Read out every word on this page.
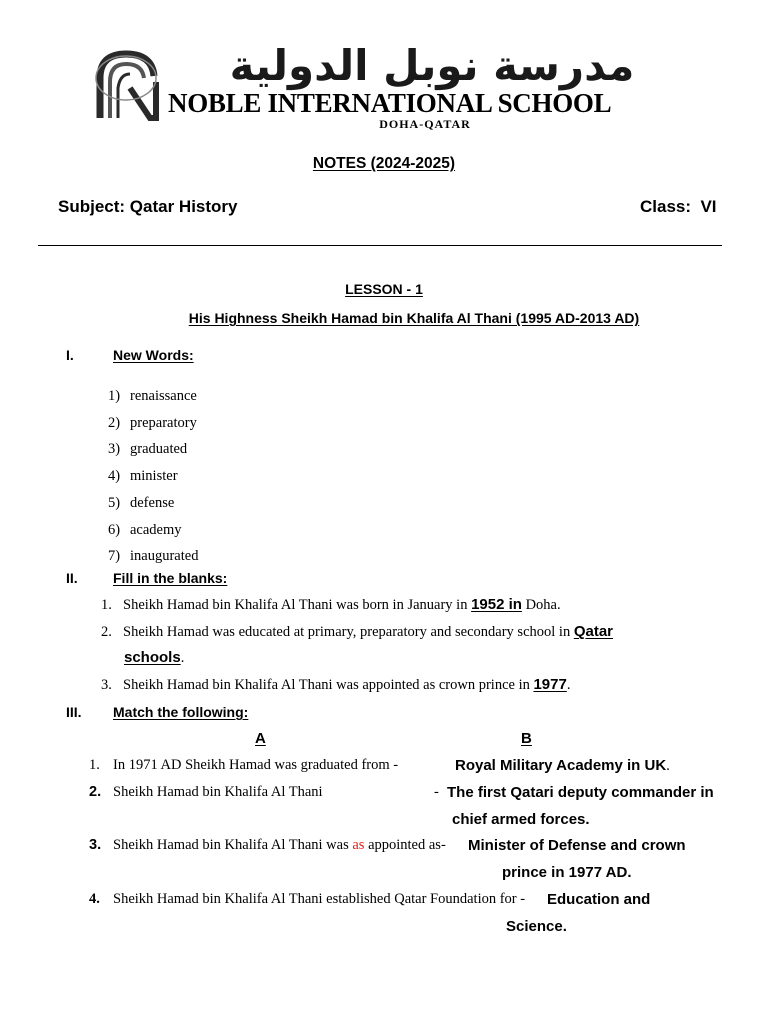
مدرسة نوبل الدولية
NOBLE INTERNATIONAL SCHOOL
DOHA-QATAR
NOTES (2024-2025)
Subject: Qatar History	Class:  VI
LESSON - 1
His Highness Sheikh Hamad bin Khalifa Al Thani (1995 AD-2013 AD)
I.	New Words:
1) renaissance
2) preparatory
3) graduated
4) minister
5) defense
6) academy
7) inaugurated
II.	Fill in the blanks:
1. Sheikh Hamad bin Khalifa Al Thani was born in January in 1952 in Doha.
2. Sheikh Hamad was educated at primary, preparatory and secondary school in Qatar
schools.
3. Sheikh Hamad bin Khalifa Al Thani was appointed as crown prince in 1977.
III. Match the following:
A	B
1. In 1971 AD Sheikh Hamad was graduated from -	Royal Military Academy in UK.
2. Sheikh Hamad bin Khalifa Al Thani	- The first Qatari deputy commander in
chief armed forces.
3. Sheikh Hamad bin Khalifa Al Thani was as appointed as- Minister of Defense and crown
prince in 1977 AD.
4. Sheikh Hamad bin Khalifa Al Thani established Qatar Foundation for - Education and
Science.
